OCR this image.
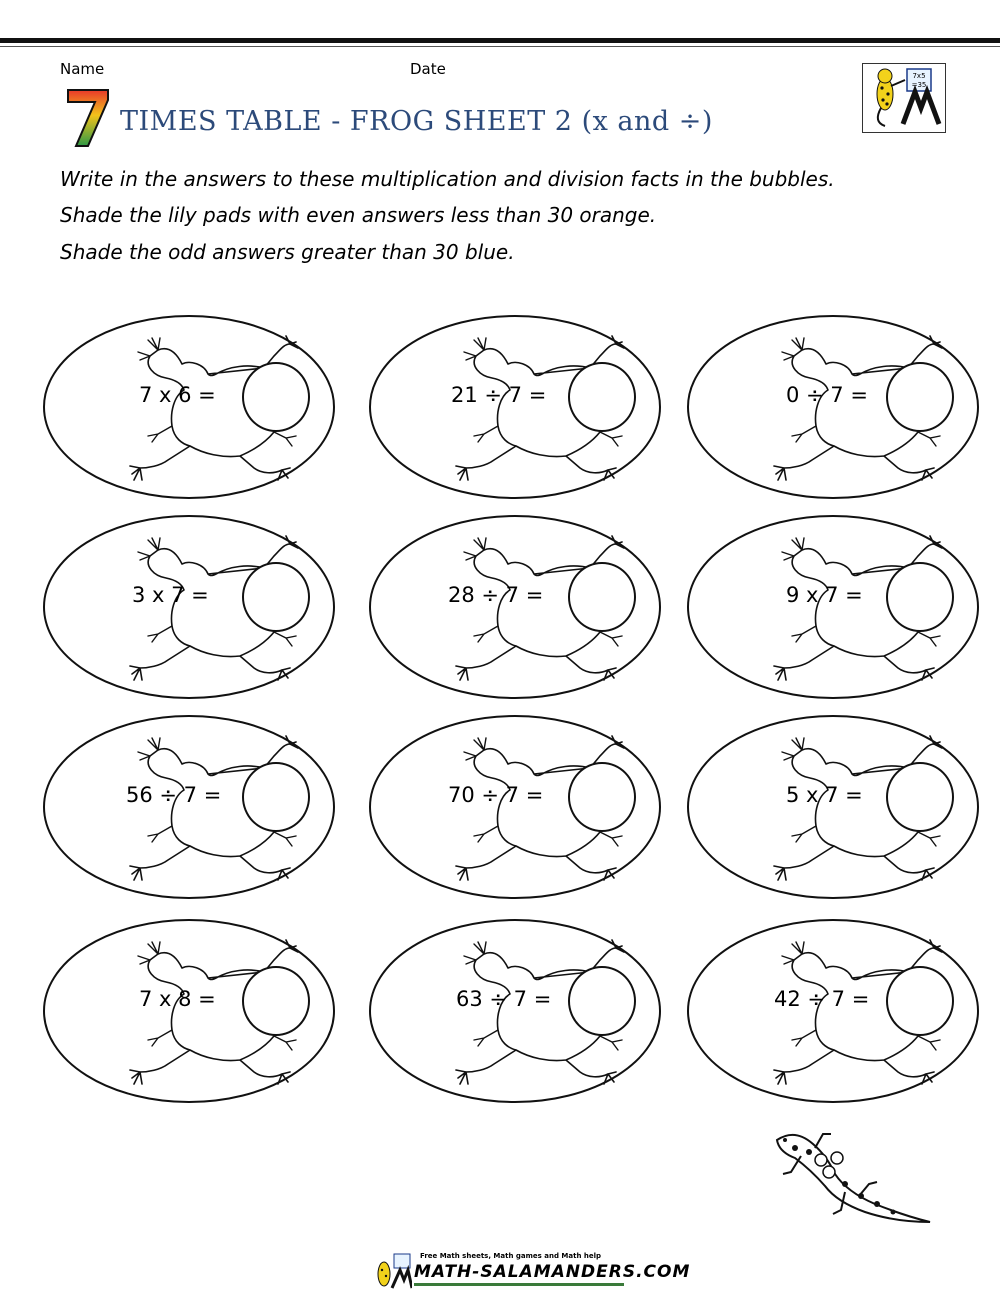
Name	Date	7x5
=35
TIMES TABLE - FROG SHEET 2 (x and ÷)
Write in the answers to these multiplication and division facts in the bubbles.
Shade the lily pads with even answers less than 30 orange.
Shade the odd answers greater than 30 blue.
7 x 6 =	21 ÷ 7 =	0 ÷ 7 =
3 x 7 =	28 ÷ 7 =	9 x 7 =
56 ÷ 7 =	70 ÷ 7 =	5 x 7 =
7 x 8 =	63 ÷ 7 =	42 ÷ 7 =
Free Math sheets, Math games and Math help
MATH-SALAMANDERS.COM
